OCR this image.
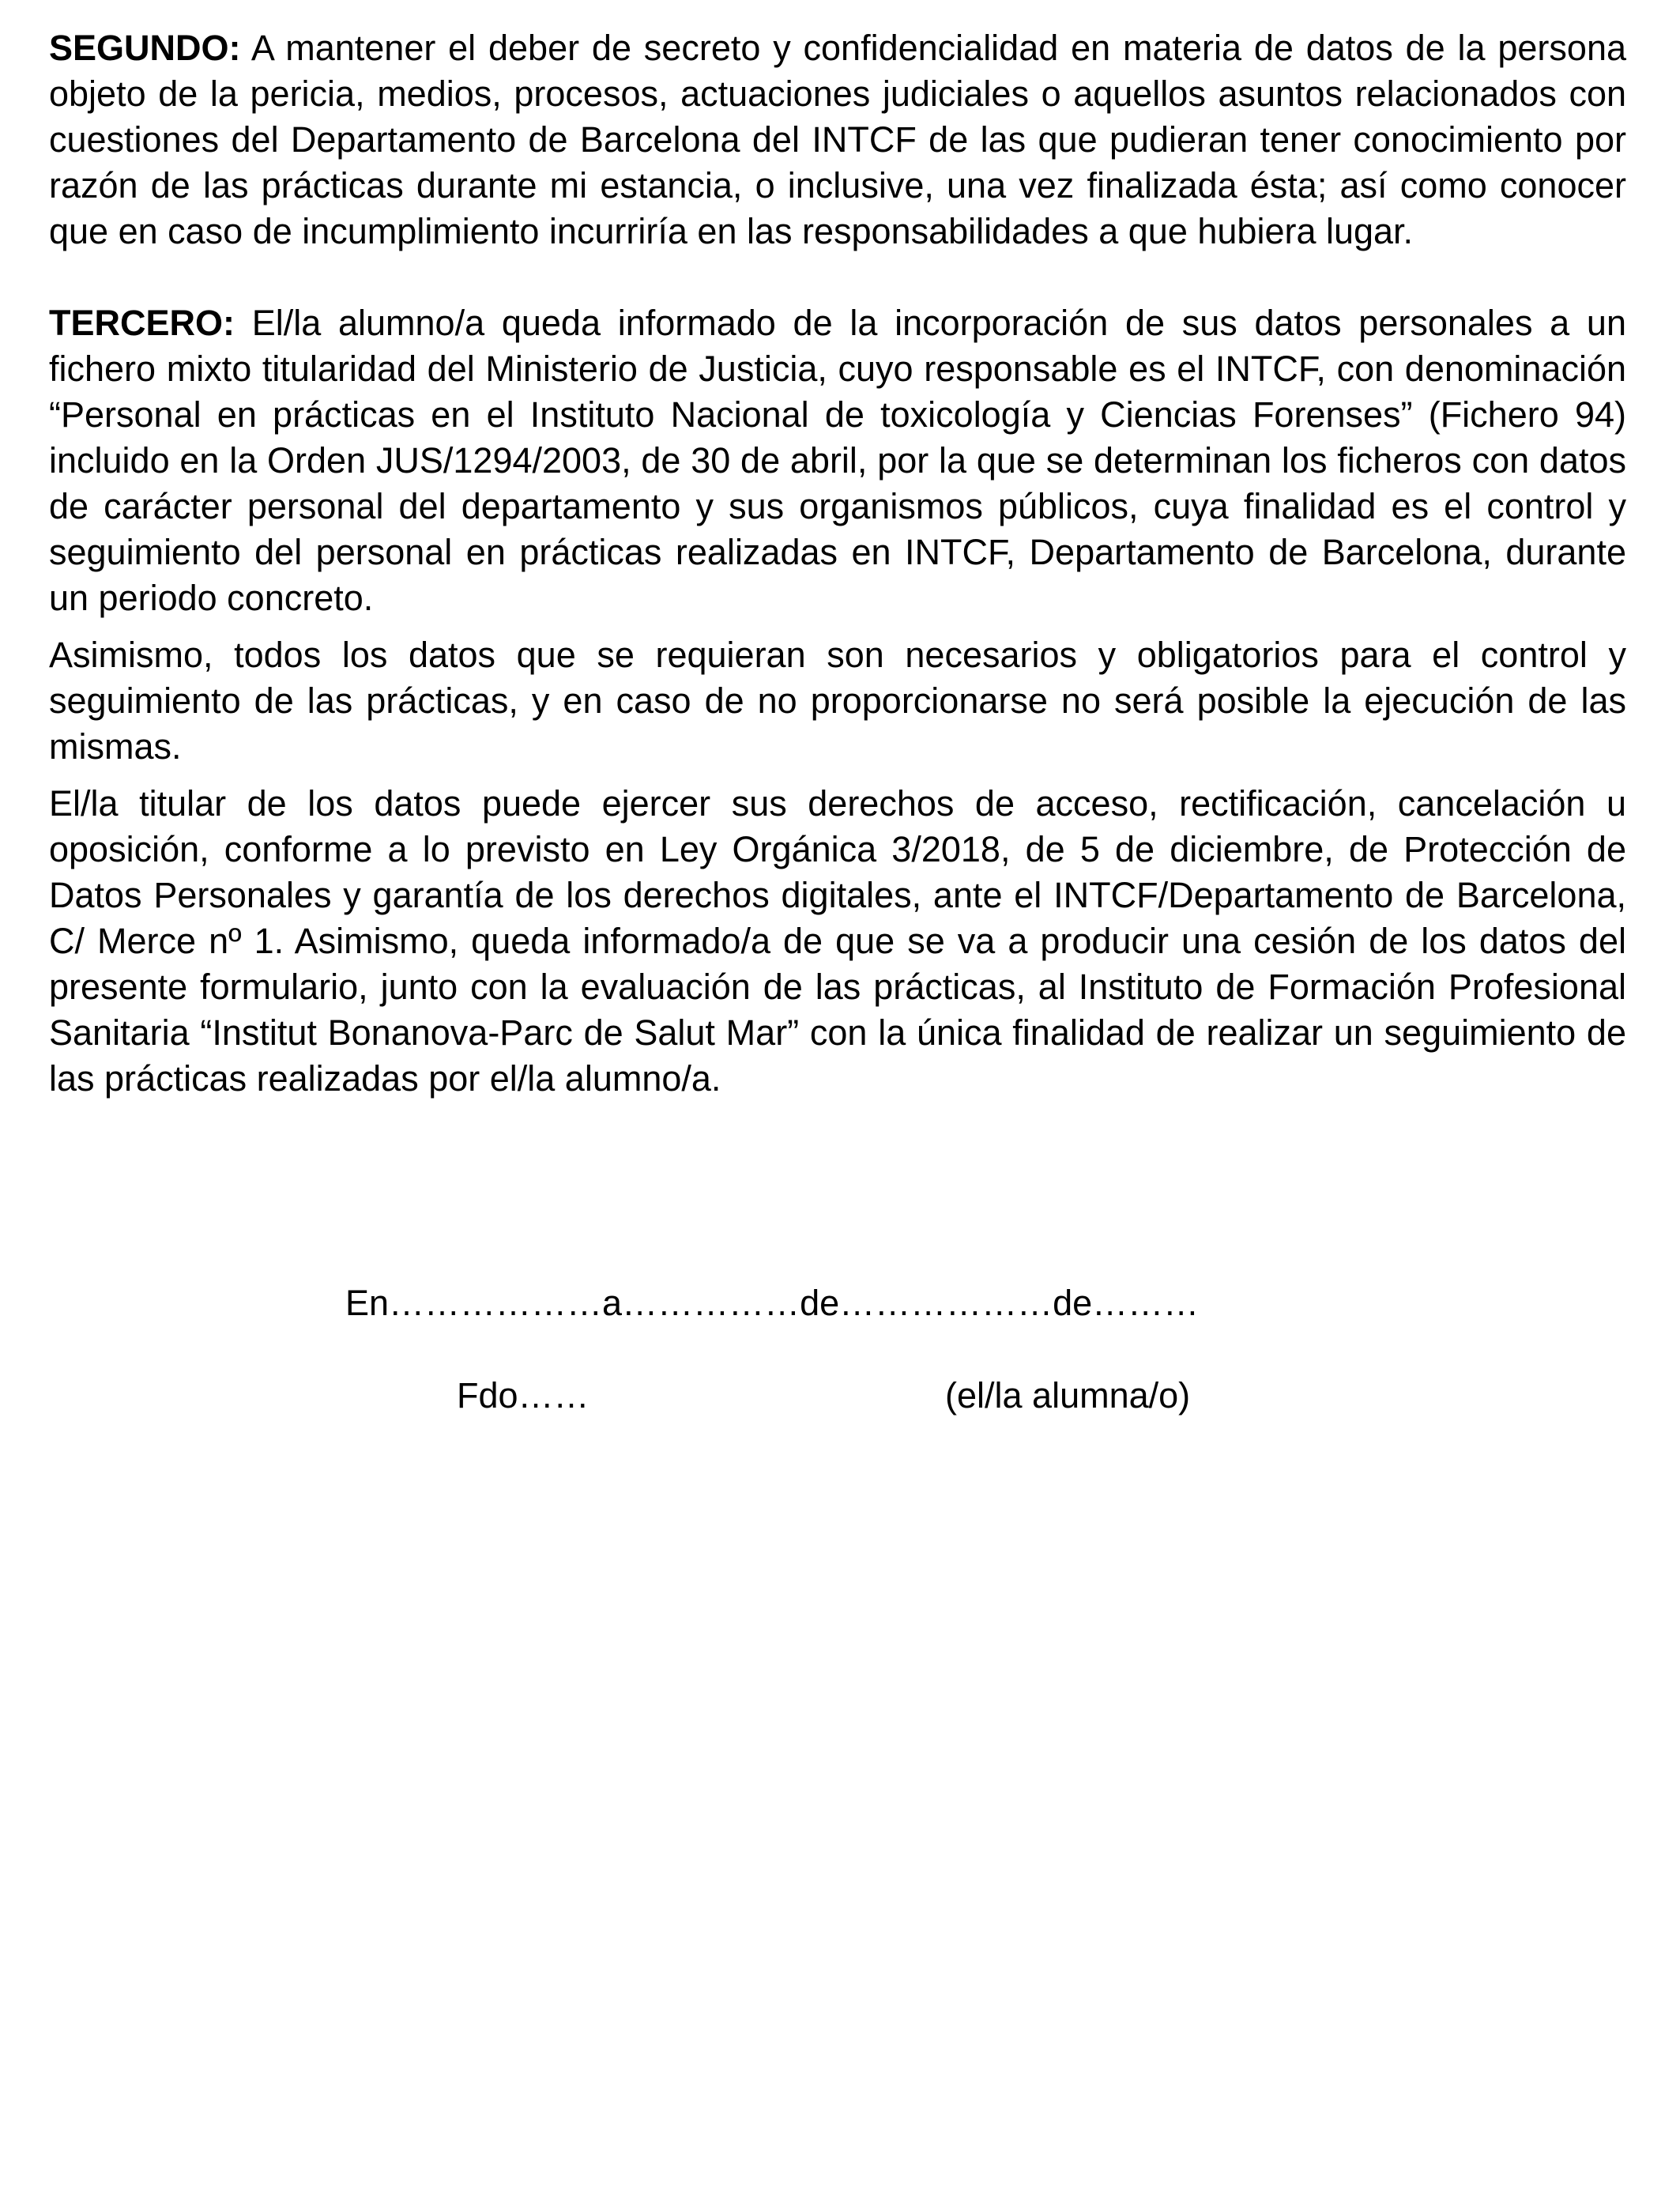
SEGUNDO: A mantener el deber de secreto y confidencialidad en materia de datos de la persona objeto de la pericia, medios, procesos, actuaciones judiciales o aquellos asuntos relacionados con cuestiones del Departamento de Barcelona del INTCF de las que pudieran tener conocimiento por razón de las prácticas durante mi estancia, o inclusive, una vez finalizada ésta; así como conocer que en caso de incumplimiento incurriría en las responsabilidades a que hubiera lugar.

TERCERO: El/la alumno/a queda informado de la incorporación de sus datos personales a un fichero mixto titularidad del Ministerio de Justicia, cuyo responsable es el INTCF, con denominación “Personal en prácticas en el Instituto Nacional de toxicología y Ciencias Forenses” (Fichero 94) incluido en la Orden JUS/1294/2003, de 30 de abril, por la que se determinan los ficheros con datos de carácter personal del departamento y sus organismos públicos, cuya finalidad es el control y seguimiento del personal en prácticas realizadas en INTCF, Departamento de Barcelona, durante un periodo concreto.

Asimismo, todos los datos que se requieran son necesarios y obligatorios para el control y seguimiento de las prácticas, y en caso de no proporcionarse no será posible la ejecución de las mismas.

El/la titular de los datos puede ejercer sus derechos de acceso, rectificación, cancelación u oposición, conforme a lo previsto en Ley Orgánica 3/2018, de 5 de diciembre, de Protección de Datos Personales y garantía de los derechos digitales, ante el INTCF/Departamento de Barcelona, C/ Merce nº 1. Asimismo, queda informado/a de que se va a producir una cesión de los datos del presente formulario, junto con la evaluación de las prácticas, al Instituto de Formación Profesional Sanitaria “Institut Bonanova-Parc de Salut Mar” con la única finalidad de realizar un seguimiento de las prácticas realizadas por el/la alumno/a.

En………………a……………de………………de………
Fdo……	(el/la alumna/o)
